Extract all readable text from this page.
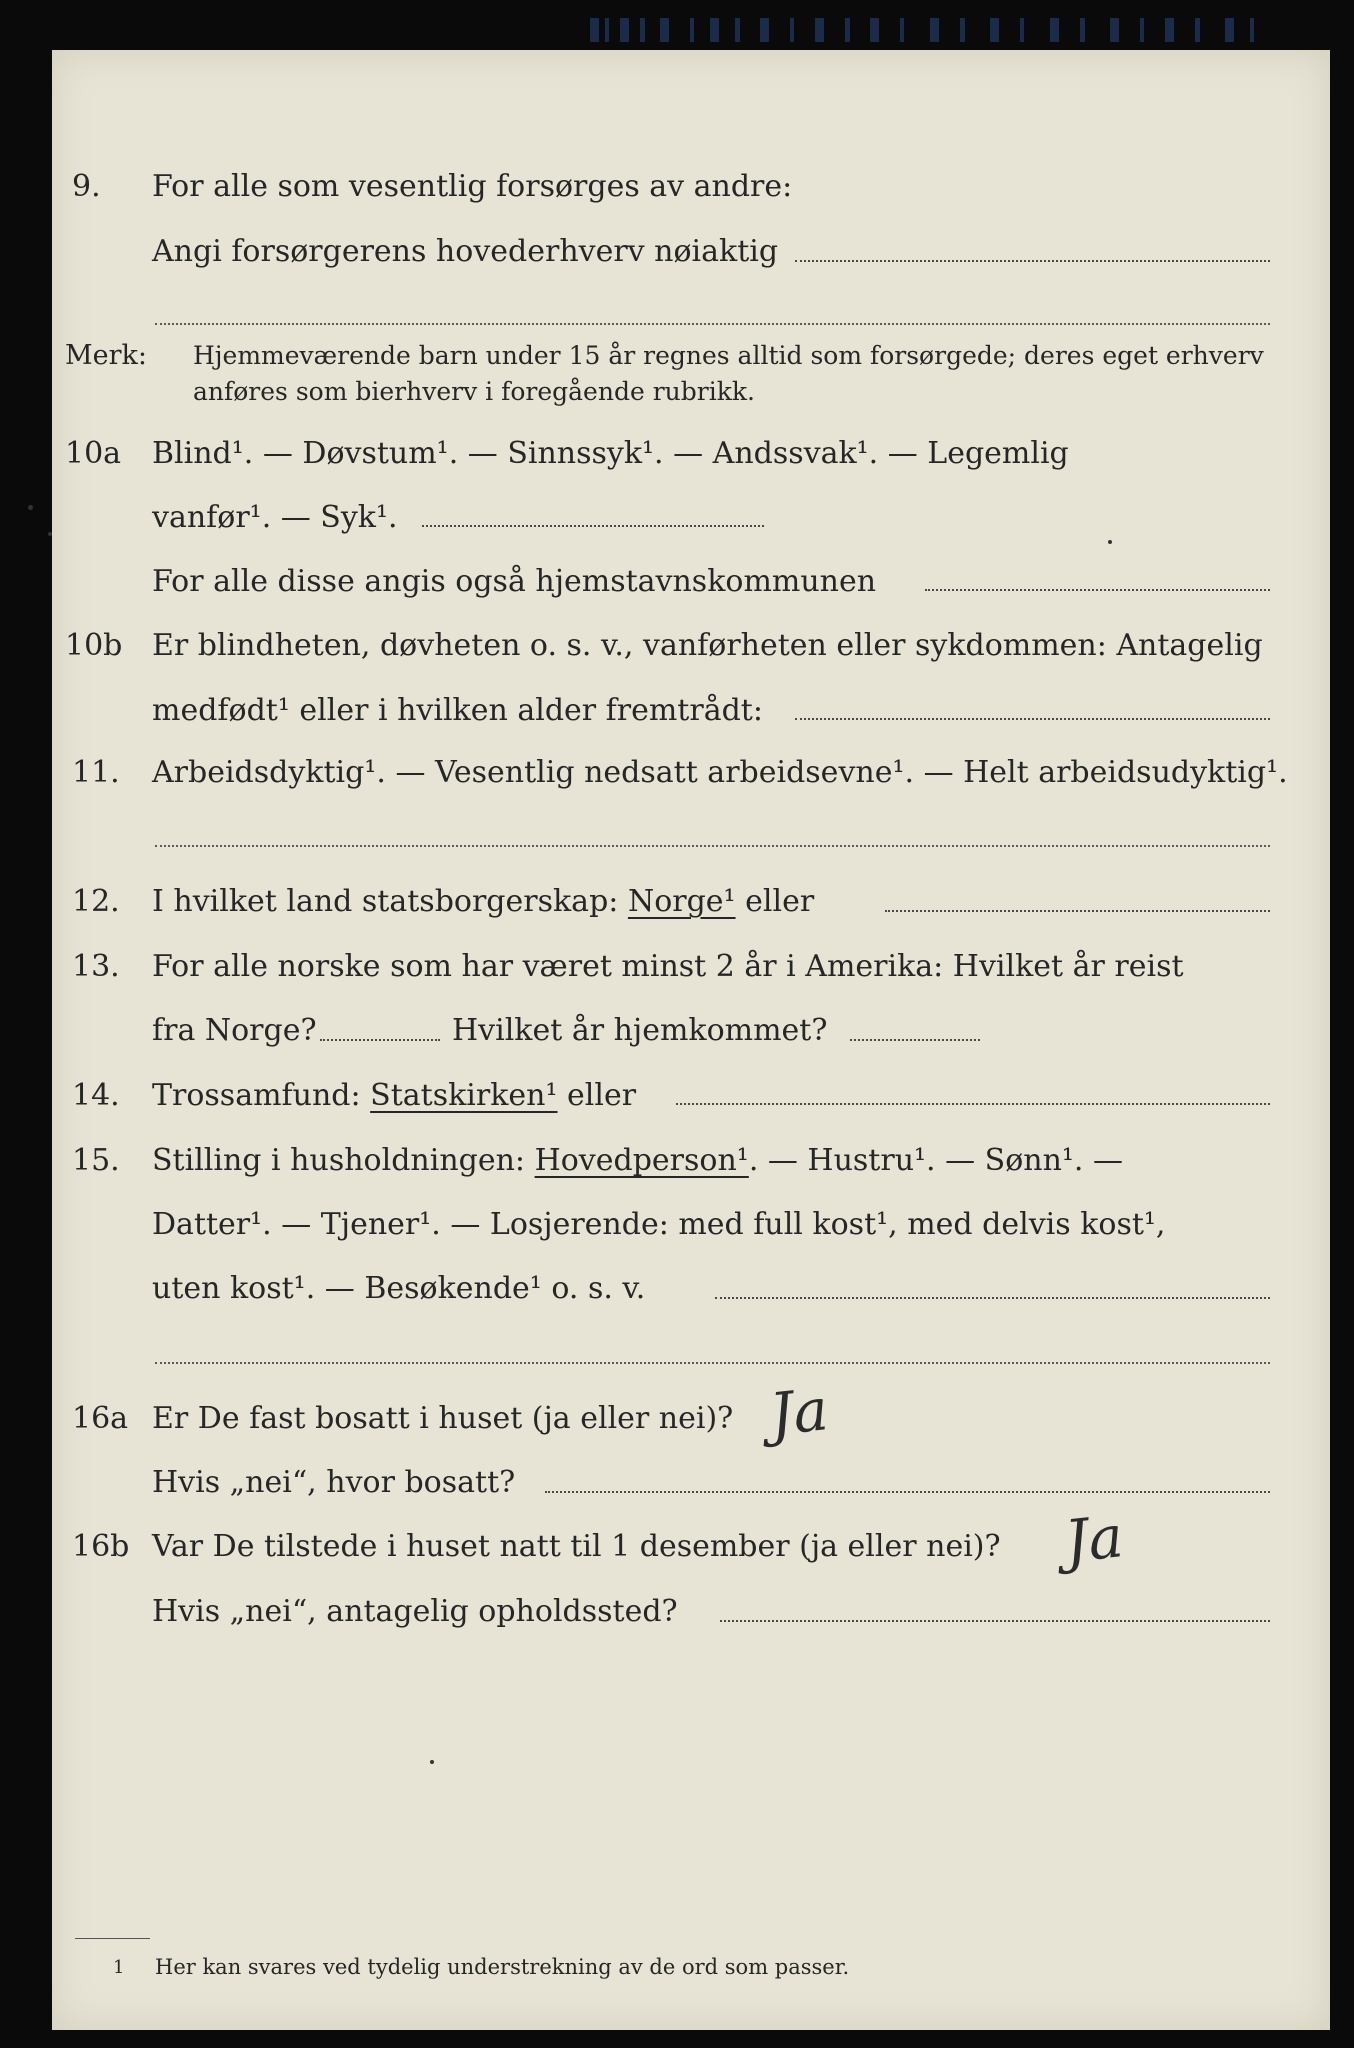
9. For alle som vesentlig forsørges av andre:
Angi forsørgerens hovederhverv nøiaktig
Merk: Hjemmeværende barn under 15 år regnes alltid som forsørgede; deres eget erhverv
anføres som bierhverv i foregående rubrikk.
10a Blind¹. — Døvstum¹. — Sinnssyk¹. — Andssvak¹. — Legemlig
vanfør¹. — Syk¹.
For alle disse angis også hjemstavnskommunen
10b Er blindheten, døvheten o. s. v., vanførheten eller sykdommen: Antagelig
medfødt¹ eller i hvilken alder fremtrådt:
11. Arbeidsdyktig¹. — Vesentlig nedsatt arbeidsevne¹. — Helt arbeidsudyktig¹.
12. I hvilket land statsborgerskap: Norge¹ eller
13. For alle norske som har været minst 2 år i Amerika: Hvilket år reist
fra Norge?	Hvilket år hjemkommet?
14. Trossamfund: Statskirken¹ eller
15. Stilling i husholdningen: Hovedperson¹. — Hustru¹. — Sønn¹. —
Datter¹. — Tjener¹. — Losjerende: med full kost¹, med delvis kost¹,
uten kost¹. — Besøkende¹ o. s. v.
16a Er De fast bosatt i huset (ja eller nei)? Ja
Hvis „nei“, hvor bosatt?
16b Var De tilstede i huset natt til 1 desember (ja eller nei)? Ja
Hvis „nei“, antagelig opholdssted?
1 Her kan svares ved tydelig understrekning av de ord som passer.
